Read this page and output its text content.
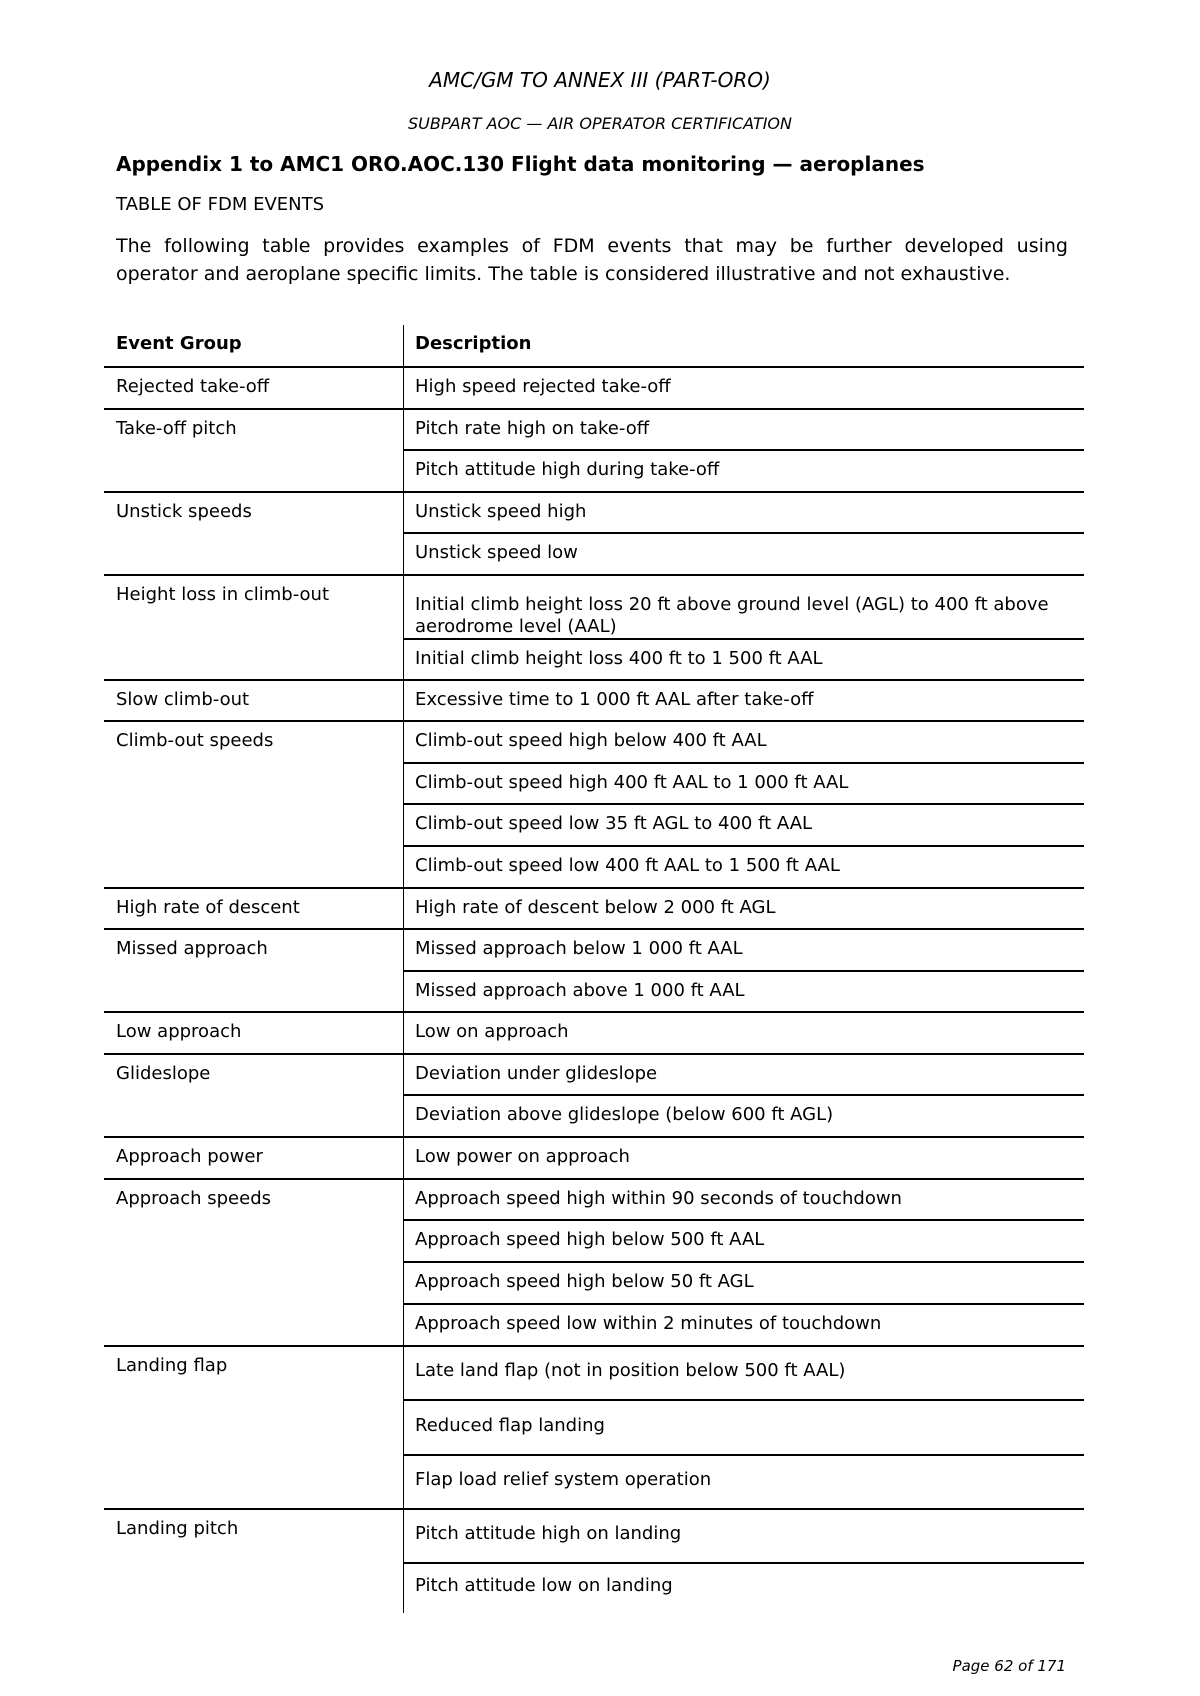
AMC/GM TO ANNEX III (PART-ORO)
SUBPART AOC — AIR OPERATOR CERTIFICATION
Appendix 1 to AMC1 ORO.AOC.130 Flight data monitoring — aeroplanes
TABLE OF FDM EVENTS
The following table provides examples of FDM events that may be further developed using operator and aeroplane specific limits. The table is considered illustrative and not exhaustive.
Event Group	Description
Rejected take-off	High speed rejected take-off
Take-off pitch	Pitch rate high on take-off
Pitch attitude high during take-off
Unstick speeds	Unstick speed high
Unstick speed low
Height loss in climb-out	Initial climb height loss 20 ft above ground level (AGL) to 400 ft above aerodrome level (AAL)
Initial climb height loss 400 ft to 1 500 ft AAL
Slow climb-out	Excessive time to 1 000 ft AAL after take-off
Climb-out speeds	Climb-out speed high below 400 ft AAL
Climb-out speed high 400 ft AAL to 1 000 ft AAL
Climb-out speed low 35 ft AGL to 400 ft AAL
Climb-out speed low 400 ft AAL to 1 500 ft AAL
High rate of descent	High rate of descent below 2 000 ft AGL
Missed approach	Missed approach below 1 000 ft AAL
Missed approach above 1 000 ft AAL
Low approach	Low on approach
Glideslope	Deviation under glideslope
Deviation above glideslope (below 600 ft AGL)
Approach power	Low power on approach
Approach speeds	Approach speed high within 90 seconds of touchdown
Approach speed high below 500 ft AAL
Approach speed high below 50 ft AGL
Approach speed low within 2 minutes of touchdown
Landing flap	Late land flap (not in position below 500 ft AAL)
Reduced flap landing
Flap load relief system operation
Landing pitch	Pitch attitude high on landing
Pitch attitude low on landing
Page 62 of 171
